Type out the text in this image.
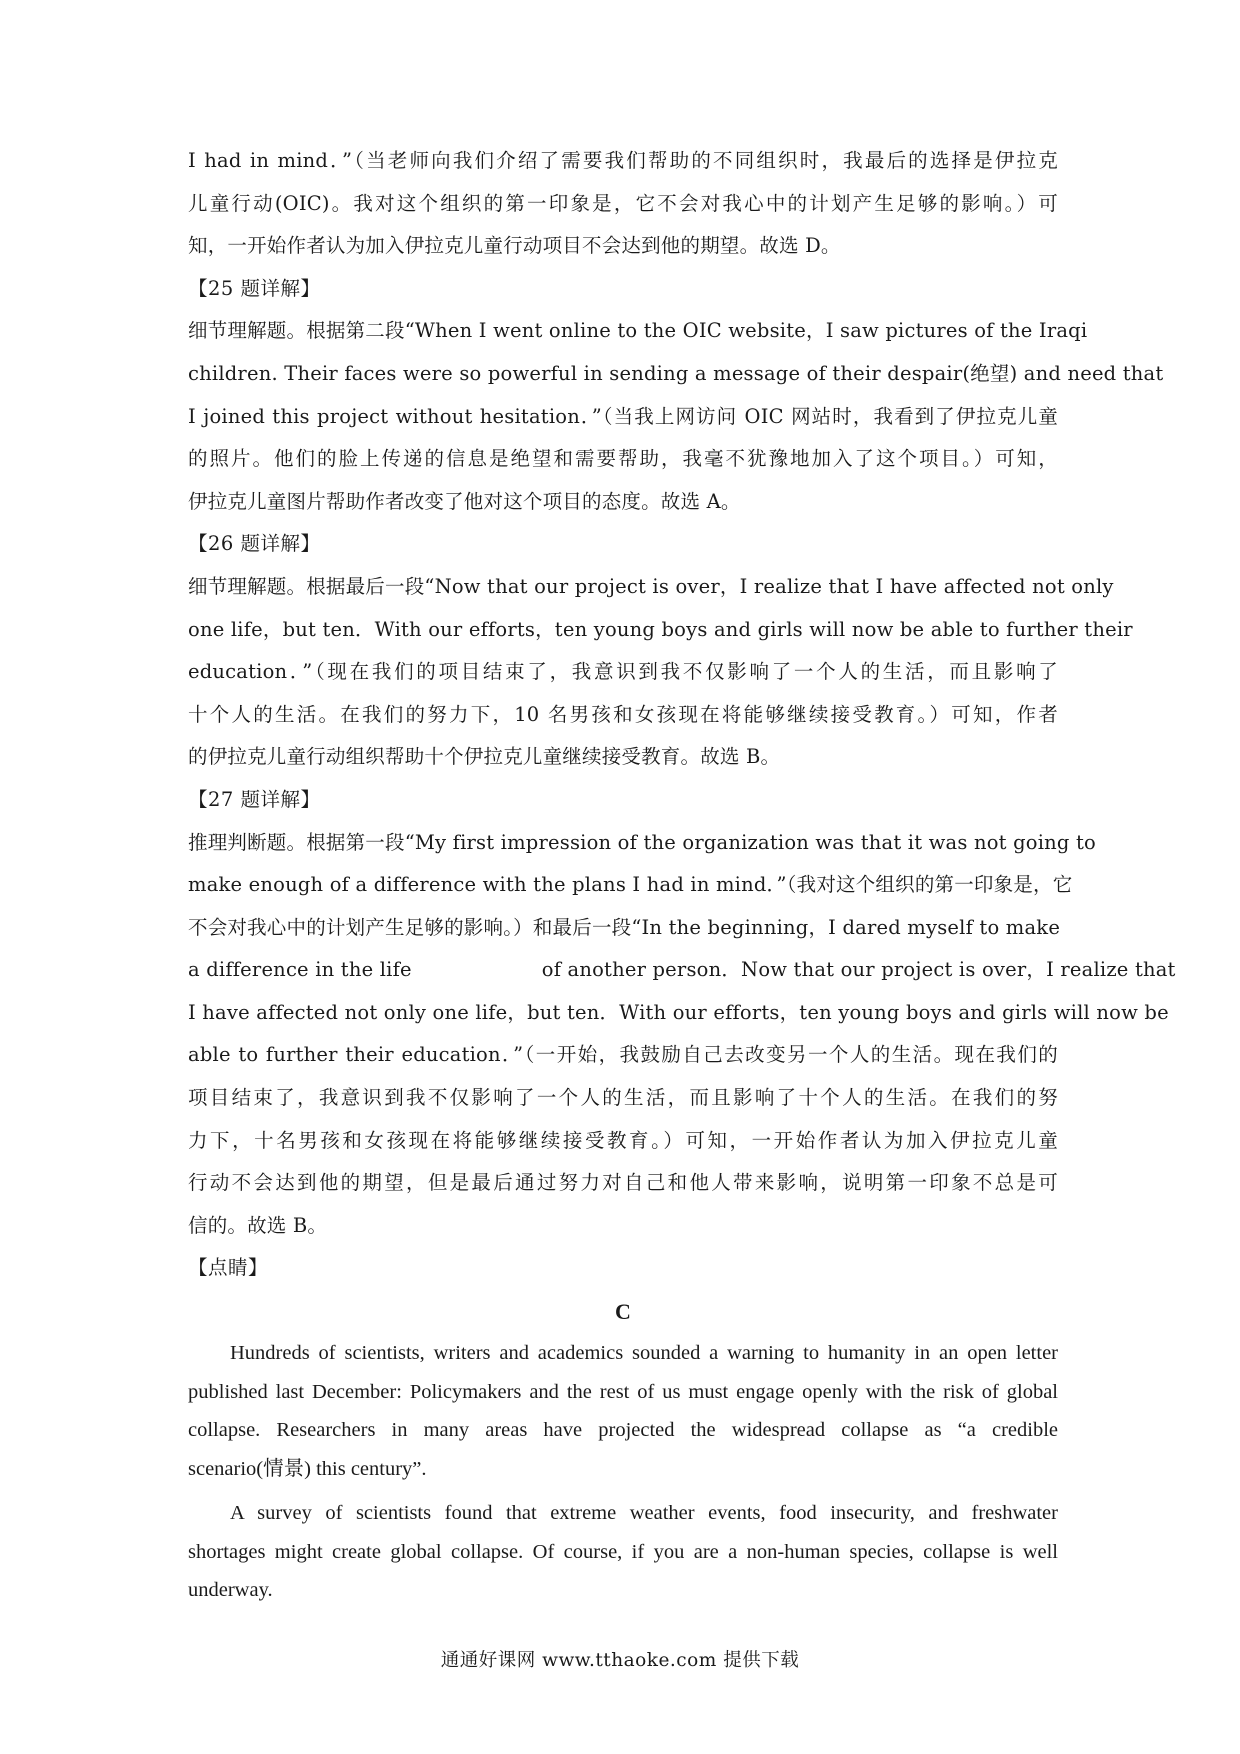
I had in mind．”（当老师向我们介绍了需要我们帮助的不同组织时，我最后的选择是伊拉克
儿童行动(OIC)。我对这个组织的第一印象是，它不会对我心中的计划产生足够的影响。）可
知，一开始作者认为加入伊拉克儿童行动项目不会达到他的期望。故选 D。
【25 题详解】
细节理解题。根据第二段“When I went online to the OIC website，I saw pictures of the Iraqi
children. Their faces were so powerful in sending a message of their despair(绝望) and need that
I joined this project without hesitation．”（当我上网访问 OIC 网站时，我看到了伊拉克儿童
的照片。他们的脸上传递的信息是绝望和需要帮助，我毫不犹豫地加入了这个项目。）可知，
伊拉克儿童图片帮助作者改变了他对这个项目的态度。故选 A。
【26 题详解】
细节理解题。根据最后一段“Now that our project is over，I realize that I have affected not only
one life，but ten．With our efforts，ten young boys and girls will now be able to further their
education．”（现在我们的项目结束了，我意识到我不仅影响了一个人的生活，而且影响了
十个人的生活。在我们的努力下，10 名男孩和女孩现在将能够继续接受教育。）可知，作者
的伊拉克儿童行动组织帮助十个伊拉克儿童继续接受教育。故选 B。
【27 题详解】
推理判断题。根据第一段“My first impression of the organization was that it was not going to
make enough of a difference with the plans I had in mind．”（我对这个组织的第一印象是，它
不会对我心中的计划产生足够的影响。）和最后一段“In the beginning，I dared myself to make
a difference in the life	of another person．Now that our project is over，I realize that
I have affected not only one life，but ten．With our efforts，ten young boys and girls will now be
able to further their education．”（一开始，我鼓励自己去改变另一个人的生活。现在我们的
项目结束了，我意识到我不仅影响了一个人的生活，而且影响了十个人的生活。在我们的努
力下，十名男孩和女孩现在将能够继续接受教育。）可知，一开始作者认为加入伊拉克儿童
行动不会达到他的期望，但是最后通过努力对自己和他人带来影响，说明第一印象不总是可
信的。故选 B。
【点睛】
C
Hundreds of scientists, writers and academics sounded a warning to humanity in an open letter
published last December: Policymakers and the rest of us must engage openly with the risk of global
collapse. Researchers in many areas have projected the widespread collapse as “a credible
scenario(情景) this century”.
A survey of scientists found that extreme weather events, food insecurity, and freshwater
shortages might create global collapse. Of course, if you are a non-human species, collapse is well
underway.
通通好课网 www.tthaoke.com 提供下载
